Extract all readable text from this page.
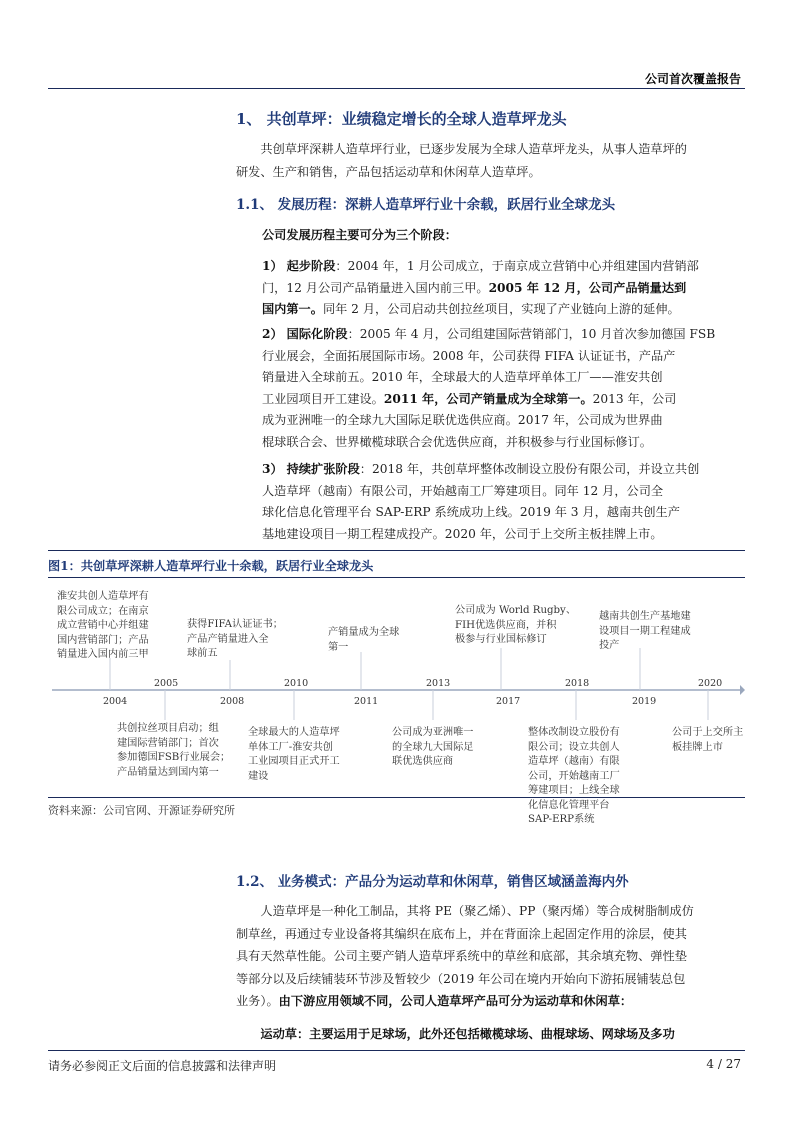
公司首次覆盖报告
1、 共创草坪：业绩稳定增长的全球人造草坪龙头
共创草坪深耕人造草坪行业，已逐步发展为全球人造草坪龙头，从事人造草坪的
研发、生产和销售，产品包括运动草和休闲草人造草坪。
1.1、 发展历程：深耕人造草坪行业十余载，跃居行业全球龙头
公司发展历程主要可分为三个阶段：
1） 起步阶段：2004 年，1 月公司成立，于南京成立营销中心并组建国内营销部
门，12 月公司产品销量进入国内前三甲。2005 年 12 月，公司产品销量达到
国内第一。同年 2 月，公司启动共创拉丝项目，实现了产业链向上游的延伸。
2） 国际化阶段：2005 年 4 月，公司组建国际营销部门，10 月首次参加德国 FSB
行业展会，全面拓展国际市场。2008 年，公司获得 FIFA 认证证书，产品产
销量进入全球前五。2010 年，全球最大的人造草坪单体工厂——淮安共创
工业园项目开工建设。2011 年，公司产销量成为全球第一。2013 年，公司
成为亚洲唯一的全球九大国际足联优选供应商。2017 年，公司成为世界曲
棍球联合会、世界橄榄球联合会优选供应商，并积极参与行业国标修订。
3） 持续扩张阶段：2018 年，共创草坪整体改制设立股份有限公司，并设立共创
人造草坪（越南）有限公司，开始越南工厂筹建项目。同年 12 月，公司全
球化信息化管理平台 SAP-ERP 系统成功上线。2019 年 3 月，越南共创生产
基地建设项目一期工程建成投产。2020 年，公司于上交所主板挂牌上市。
图1：共创草坪深耕人造草坪行业十余载，跃居行业全球龙头
2004
2005
2008
2010
2011
2013
2017
2018
2019
2020
淮安共创人造草坪有
限公司成立；在南京
成立营销中心并组建
国内营销部门；产品
销量进入国内前三甲
获得FIFA认证证书；
产品产销量进入全
球前五
产销量成为全球
第一
公司成为 World Rugby、
FIH优选供应商，并积
极参与行业国标修订
越南共创生产基地建
设项目一期工程建成
投产
共创拉丝项目启动；组
建国际营销部门；首次
参加德国FSB行业展会；
产品销量达到国内第一
全球最大的人造草坪
单体工厂-淮安共创
工业园项目正式开工
建设
公司成为亚洲唯一
的全球九大国际足
联优选供应商
整体改制设立股份有
限公司；设立共创人
造草坪（越南）有限
公司，开始越南工厂
筹建项目；上线全球
化信息化管理平台
SAP-ERP系统
公司于上交所主
板挂牌上市
资料来源：公司官网、开源证券研究所
1.2、 业务模式：产品分为运动草和休闲草，销售区域涵盖海内外
人造草坪是一种化工制品，其将 PE（聚乙烯）、PP（聚丙烯）等合成树脂制成仿
制草丝，再通过专业设备将其编织在底布上，并在背面涂上起固定作用的涂层，使其
具有天然草性能。公司主要产销人造草坪系统中的草丝和底部，其余填充物、弹性垫
等部分以及后续铺装环节涉及暂较少（2019 年公司在境内开始向下游拓展铺装总包
业务）。由下游应用领域不同，公司人造草坪产品可分为运动草和休闲草：
运动草：主要运用于足球场，此外还包括橄榄球场、曲棍球场、网球场及多功
请务必参阅正文后面的信息披露和法律声明	4 / 27
